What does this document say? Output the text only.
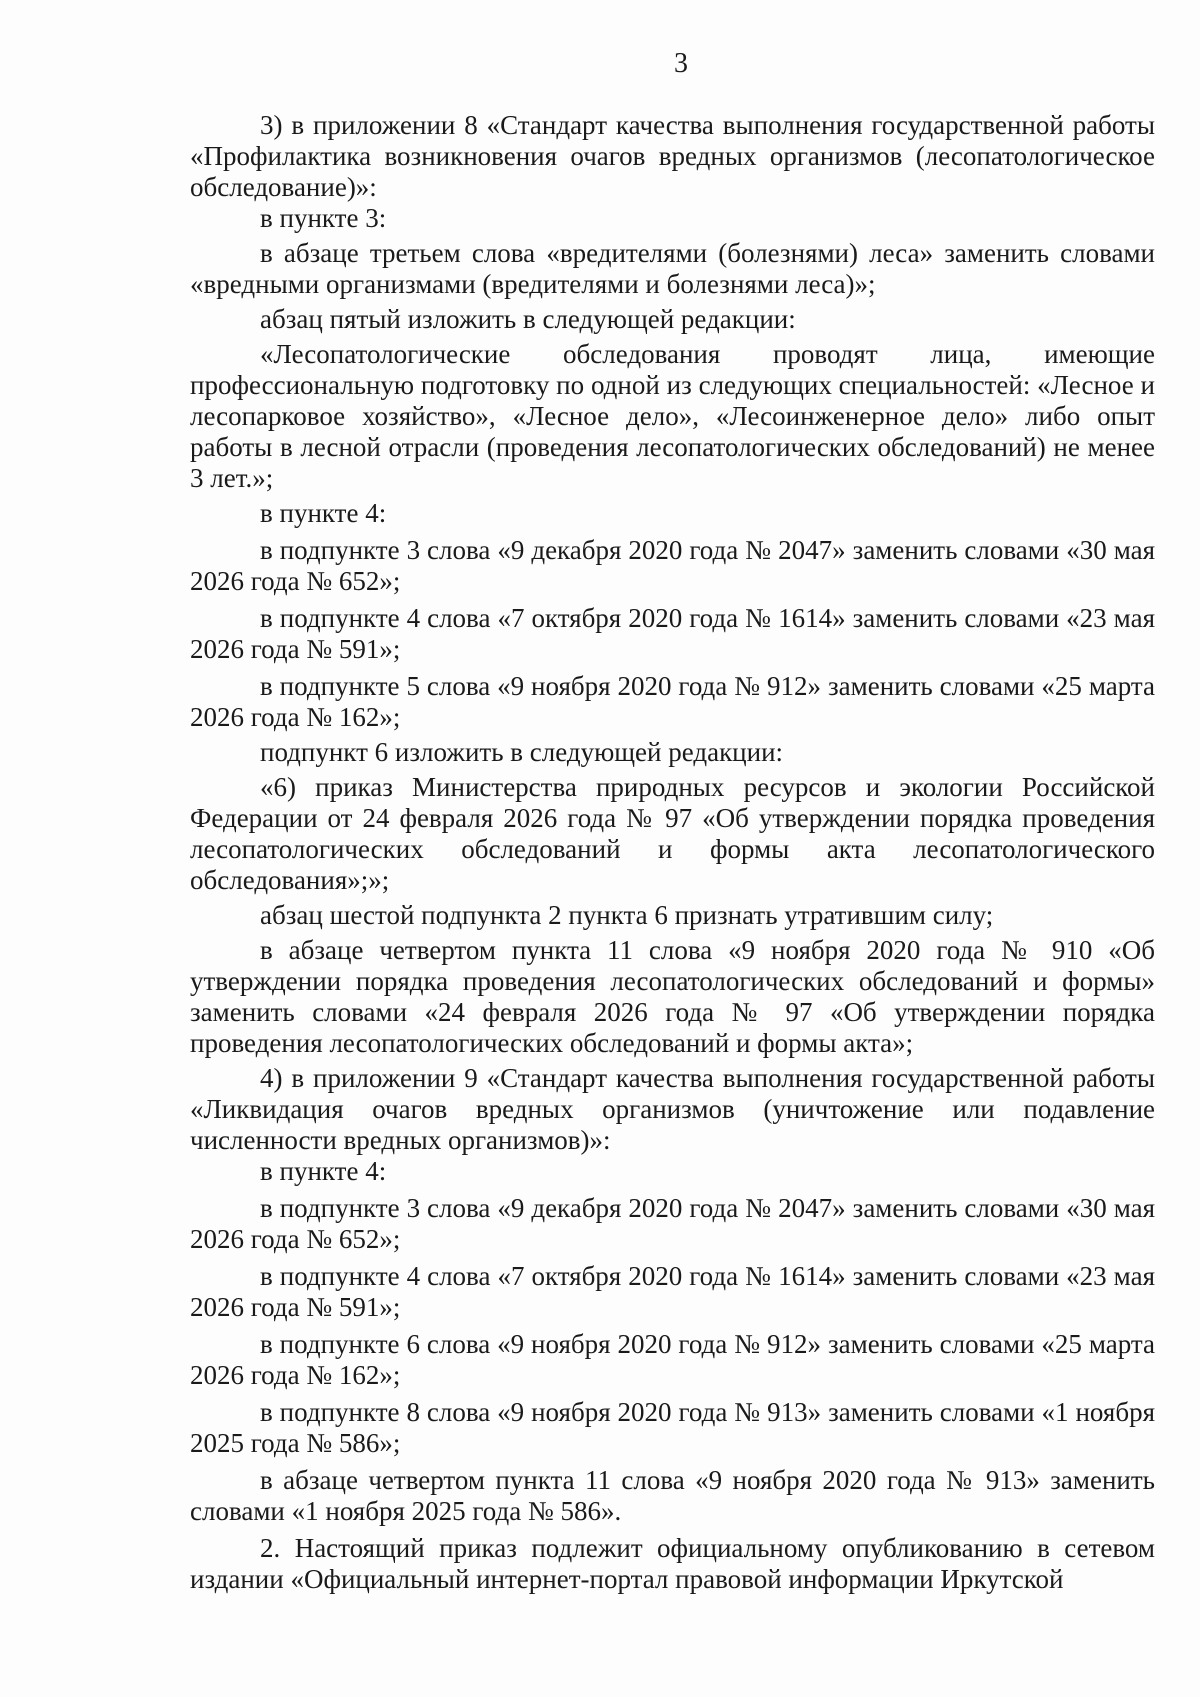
3

3) в приложении 8 «Стандарт качества выполнения государственной работы «Профилактика возникновения очагов вредных организмов (лесопатологическое обследование)»:

в пункте 3:

в абзаце третьем слова «вредителями (болезнями) леса» заменить словами «вредными организмами (вредителями и болезнями леса)»;

абзац пятый изложить в следующей редакции:

«Лесопатологические обследования проводят лица, имеющие профессиональную подготовку по одной из следующих специальностей: «Лесное и лесопарковое хозяйство», «Лесное дело», «Лесоинженерное дело» либо опыт работы в лесной отрасли (проведения лесопатологических обследований) не менее 3 лет.»;

в пункте 4:

в подпункте 3 слова «9 декабря 2020 года № 2047» заменить словами «30 мая 2026 года № 652»;

в подпункте 4 слова «7 октября 2020 года № 1614» заменить словами «23 мая 2026 года № 591»;

в подпункте 5 слова «9 ноября 2020 года № 912» заменить словами «25 марта 2026 года № 162»;

подпункт 6 изложить в следующей редакции:

«6) приказ Министерства природных ресурсов и экологии Российской Федерации от 24 февраля 2026 года № 97 «Об утверждении порядка проведения лесопатологических обследований и формы акта лесопатологического обследования»;»;

абзац шестой подпункта 2 пункта 6 признать утратившим силу;

в абзаце четвертом пункта 11 слова «9 ноября 2020 года № 910 «Об утверждении порядка проведения лесопатологических обследований и формы» заменить словами «24 февраля 2026 года № 97 «Об утверждении порядка проведения лесопатологических обследований и формы акта»;

4) в приложении 9 «Стандарт качества выполнения государственной работы «Ликвидация очагов вредных организмов (уничтожение или подавление численности вредных организмов)»:

в пункте 4:

в подпункте 3 слова «9 декабря 2020 года № 2047» заменить словами «30 мая 2026 года № 652»;

в подпункте 4 слова «7 октября 2020 года № 1614» заменить словами «23 мая 2026 года № 591»;

в подпункте 6 слова «9 ноября 2020 года № 912» заменить словами «25 марта 2026 года № 162»;

в подпункте 8 слова «9 ноября 2020 года № 913» заменить словами «1 ноября 2025 года № 586»;

в абзаце четвертом пункта 11 слова «9 ноября 2020 года № 913» заменить словами «1 ноября 2025 года № 586».

2. Настоящий приказ подлежит официальному опубликованию в сетевом издании «Официальный интернет-портал правовой информации Иркутской
